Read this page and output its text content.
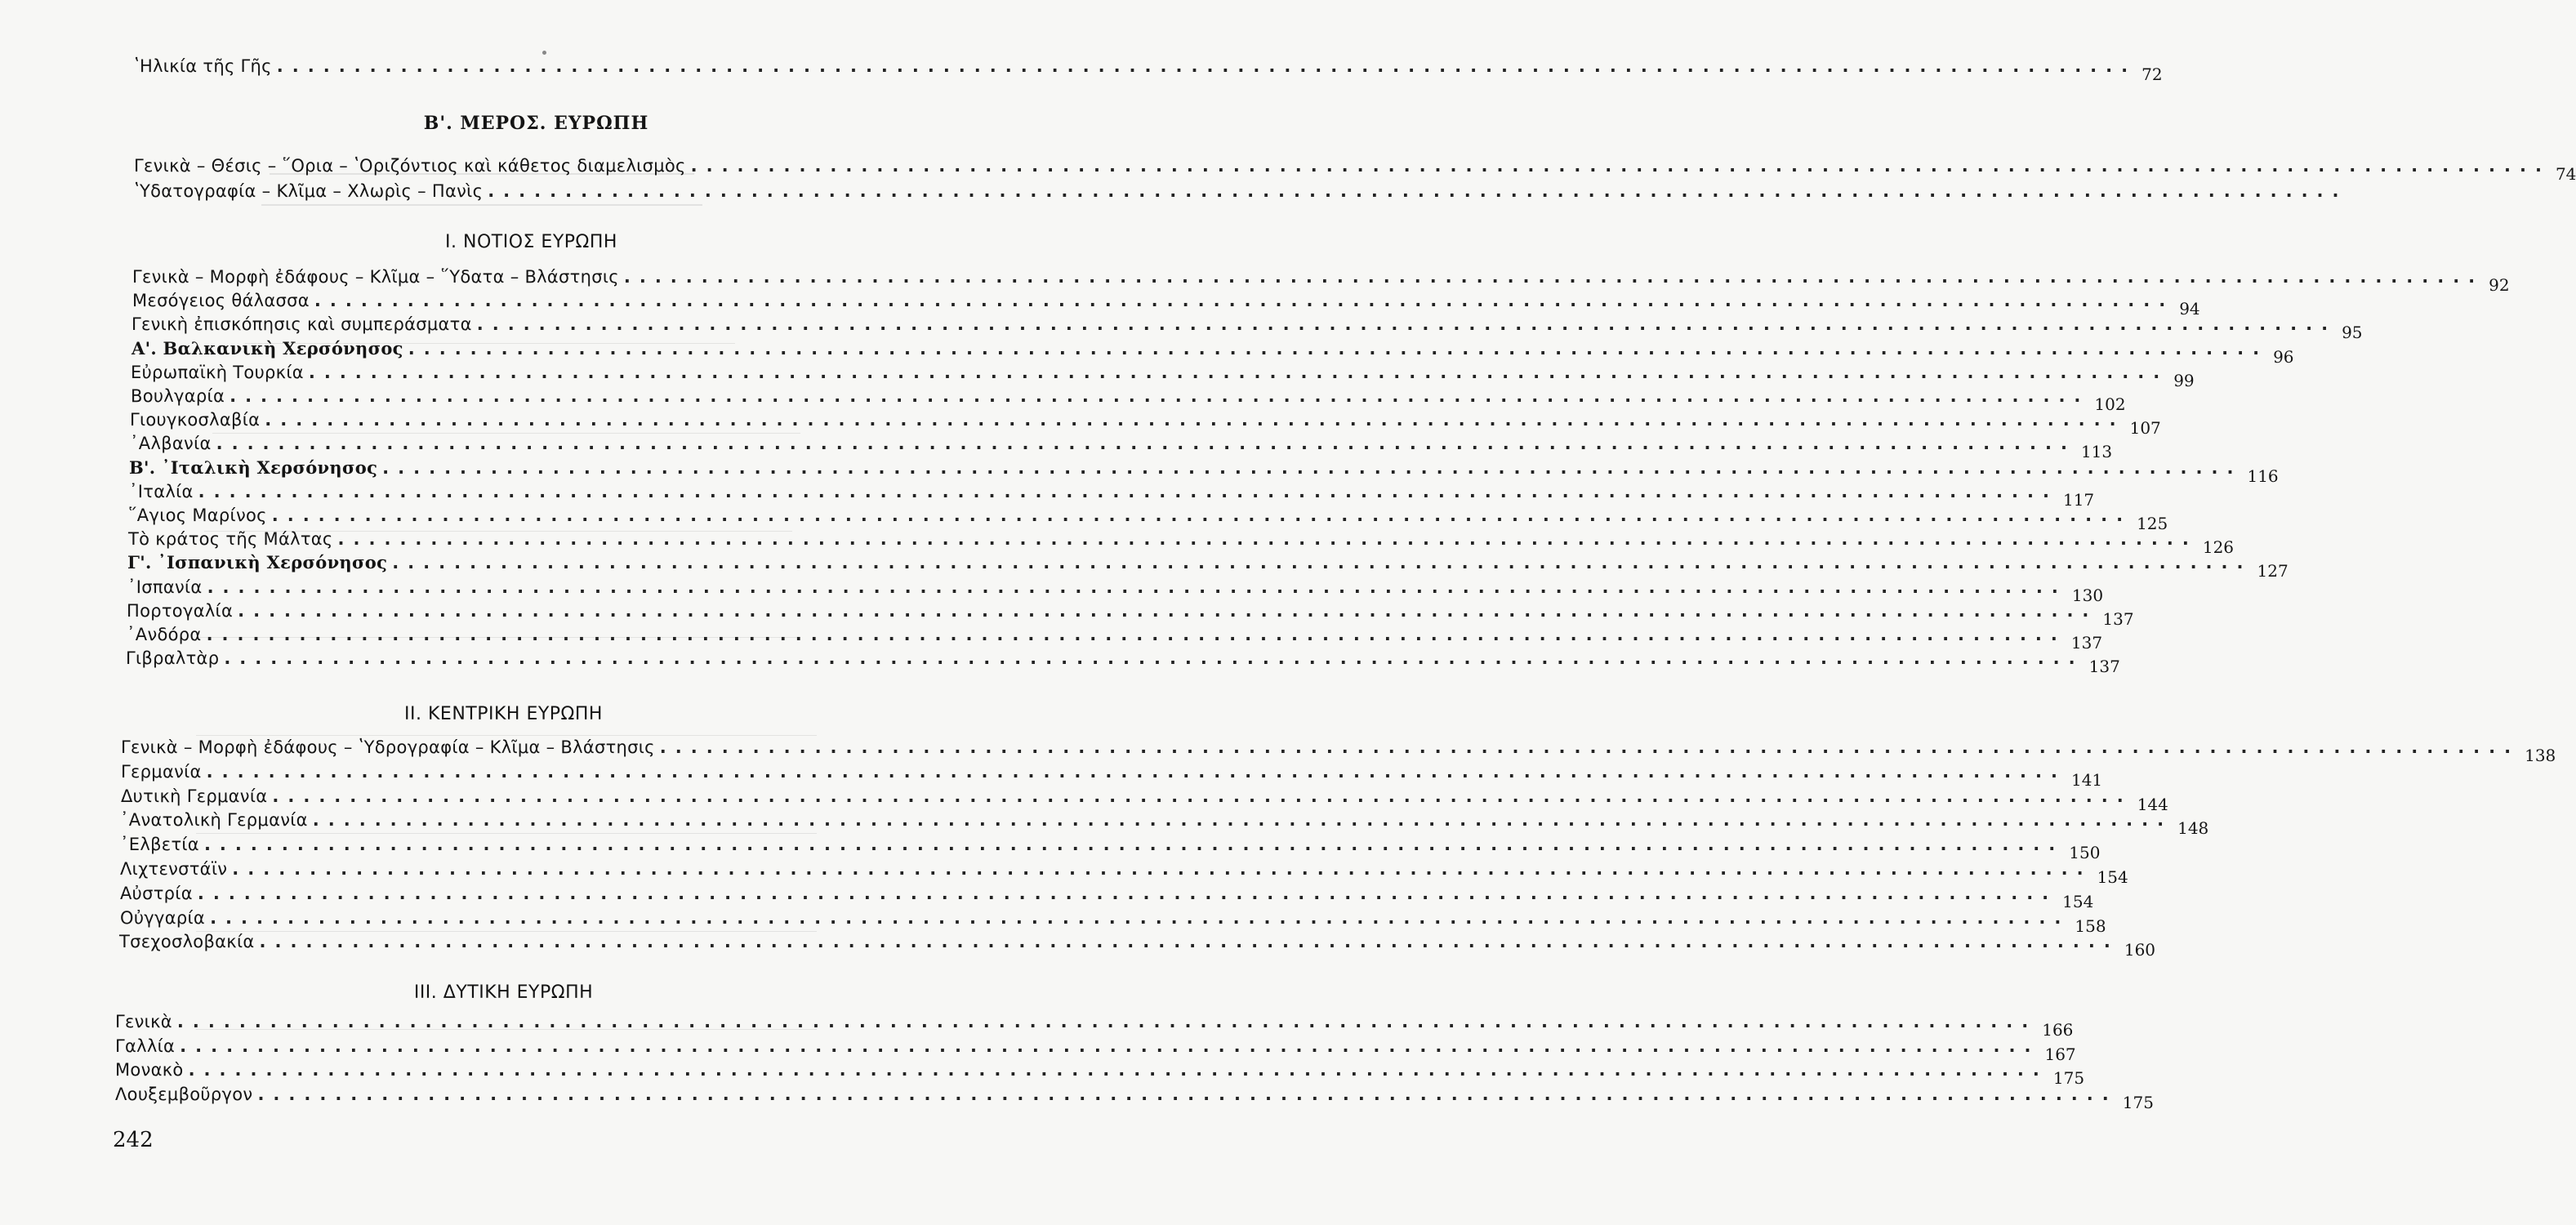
ʽΗλικία τῆς Γῆς ........................................................................................................................ 72
Β'. ΜΕΡΟΣ. ΕΥΡΩΠΗ
Γενικὰ – Θέσις – ῞Ορια – ʽΟριζόντιος καὶ κάθετος διαμελισμὸς ........................................................................................................................ 74
ʽΥδατογραφία – Κλῖμα – Χλωρὶς – Πανὶς ........................................................................................................................
Ι. ΝΟΤΙΟΣ ΕΥΡΩΠΗ
Γενικὰ – Μορφὴ ἐδάφους – Κλῖμα – ῞Υδατα – Βλάστησις ........................................................................................................................ 92
Μεσόγειος θάλασσα ........................................................................................................................ 94
Γενικὴ ἐπισκόπησις καὶ συμπεράσματα ........................................................................................................................ 95
Α'. Βαλκανικὴ Χερσόνησος ........................................................................................................................ 96
Εὐρωπαϊκὴ Τουρκία ........................................................................................................................ 99
Βουλγαρία ........................................................................................................................ 102
Γιουγκοσλαβία ........................................................................................................................ 107
᾽Αλβανία ........................................................................................................................ 113
Β'. ᾽Ιταλικὴ Χερσόνησος ........................................................................................................................ 116
᾽Ιταλία ........................................................................................................................ 117
῞Αγιος Μαρίνος ........................................................................................................................ 125
Τὸ κράτος τῆς Μάλτας ........................................................................................................................ 126
Γ'. ᾽Ισπανικὴ Χερσόνησος ........................................................................................................................ 127
᾽Ισπανία ........................................................................................................................ 130
Πορτογαλία ........................................................................................................................ 137
᾽Ανδόρα ........................................................................................................................ 137
Γιβραλτὰρ ........................................................................................................................ 137
ΙΙ. ΚΕΝΤΡΙΚΗ ΕΥΡΩΠΗ
Γενικὰ – Μορφὴ ἐδάφους – ʽΥδρογραφία – Κλῖμα – Βλάστησις ........................................................................................................................ 138
Γερμανία ........................................................................................................................ 141
Δυτικὴ Γερμανία ........................................................................................................................ 144
᾽Ανατολικὴ Γερμανία ........................................................................................................................ 148
᾽Ελβετία ........................................................................................................................ 150
Λιχτενστάϊν ........................................................................................................................ 154
Αὐστρία ........................................................................................................................ 154
Οὐγγαρία ........................................................................................................................ 158
Τσεχοσλοβακία ........................................................................................................................ 160
ΙΙΙ. ΔΥΤΙΚΗ ΕΥΡΩΠΗ
Γενικὰ ........................................................................................................................ 166
Γαλλία ........................................................................................................................ 167
Μονακὸ ........................................................................................................................ 175
Λουξεμβοῦργον ........................................................................................................................ 175
242
